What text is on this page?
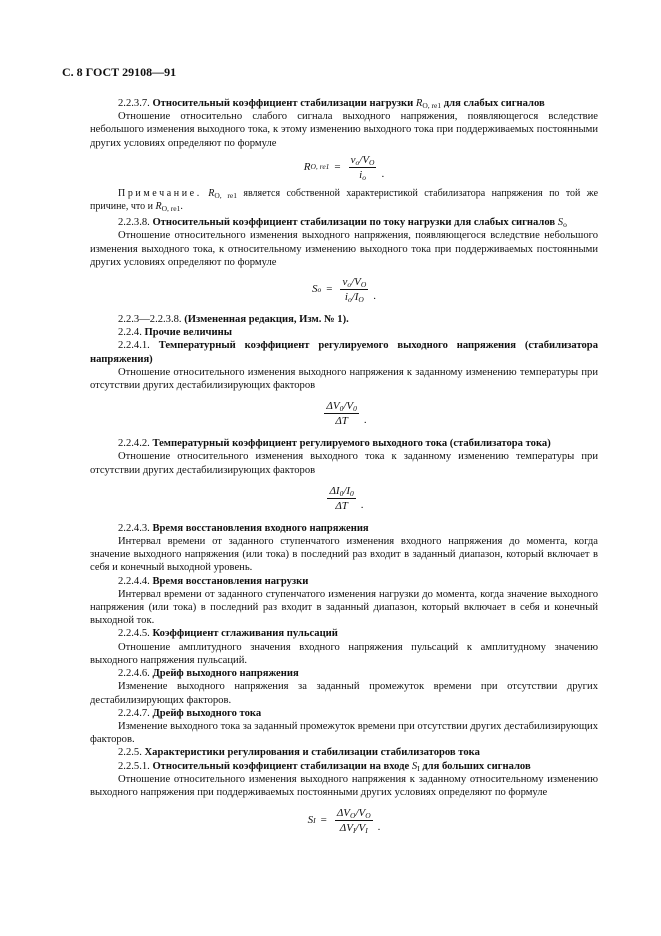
С. 8 ГОСТ 29108—91

2.2.3.7. Относительный коэффициент стабилизации нагрузки $R_{O, re1}$ для слабых сигналов

Отношение относительно слабого сигнала выходного напряжения, появляющегося вследствие небольшого изменения выходного тока, к этому изменению выходного тока при поддерживаемых постоянными других условиях определяют по формуле

R O, $re1 = \frac{v_o/V_O}{i_o}$ .

Примечание. $R_{O, re1}$ является собственной характеристикой стабилизатора напряжения по той же причине, что и $R_{O, re1}$.

2.2.3.8. Относительный коэффициент стабилизации по току нагрузки для слабых сигналов $S_o$

Отношение относительного изменения выходного напряжения, появляющегося вследствие небольшого изменения выходного тока, к относительному изменению выходного тока при поддерживаемых постоянными других условиях определяют по формуле

S $o = \frac{v_o/V_O}{i_o/I_O}$ .

2.2.3—2.2.3.8. (Измененная редакция, Изм. № 1).

2.2.4. Прочие величины

2.2.4.1. Температурный коэффициент регулируемого выходного напряжения (стабилизатора напряжения)

Отношение относительного изменения выходного напряжения к заданному изменению температуры при отсутствии других дестабилизирующих факторов

$\frac{\Delta V_0/V_0}{\Delta T}$ .

2.2.4.2. Температурный коэффициент регулируемого выходного тока (стабилизатора тока)

Отношение относительного изменения выходного тока к заданному изменению температуры при отсутствии других дестабилизирующих факторов

$\frac{\Delta I_0/I_0}{\Delta T}$ .

2.2.4.3. Время восстановления входного напряжения

Интервал времени от заданного ступенчатого изменения входного напряжения до момента, когда значение выходного напряжения (или тока) в последний раз входит в заданный диапазон, который включает в себя и конечный выходной уровень.

2.2.4.4. Время восстановления нагрузки

Интервал времени от заданного ступенчатого изменения нагрузки до момента, когда значение выходного напряжения (или тока) в последний раз входит в заданный диапазон, который включает в себя и конечный выходной ток.

2.2.4.5. Коэффициент сглаживания пульсаций

Отношение амплитудного значения входного напряжения пульсаций к амплитудному значению выходного напряжения пульсаций.

2.2.4.6. Дрейф выходного напряжения

Изменение выходного напряжения за заданный промежуток времени при отсутствии других дестабилизирующих факторов.

2.2.4.7. Дрейф выходного тока

Изменение выходного тока за заданный промежуток времени при отсутствии других дестабилизирующих факторов.

2.2.5. Характеристики регулирования и стабилизации стабилизаторов тока

2.2.5.1. Относительный коэффициент стабилизации на входе $S_I$ для больших сигналов

Отношение относительного изменения выходного напряжения к заданному относительному изменению выходного напряжения при поддерживаемых постоянными других условиях определяют по формуле

S $I = \frac{\Delta V_O/V_O}{\Delta V_I/V_I}$ .
